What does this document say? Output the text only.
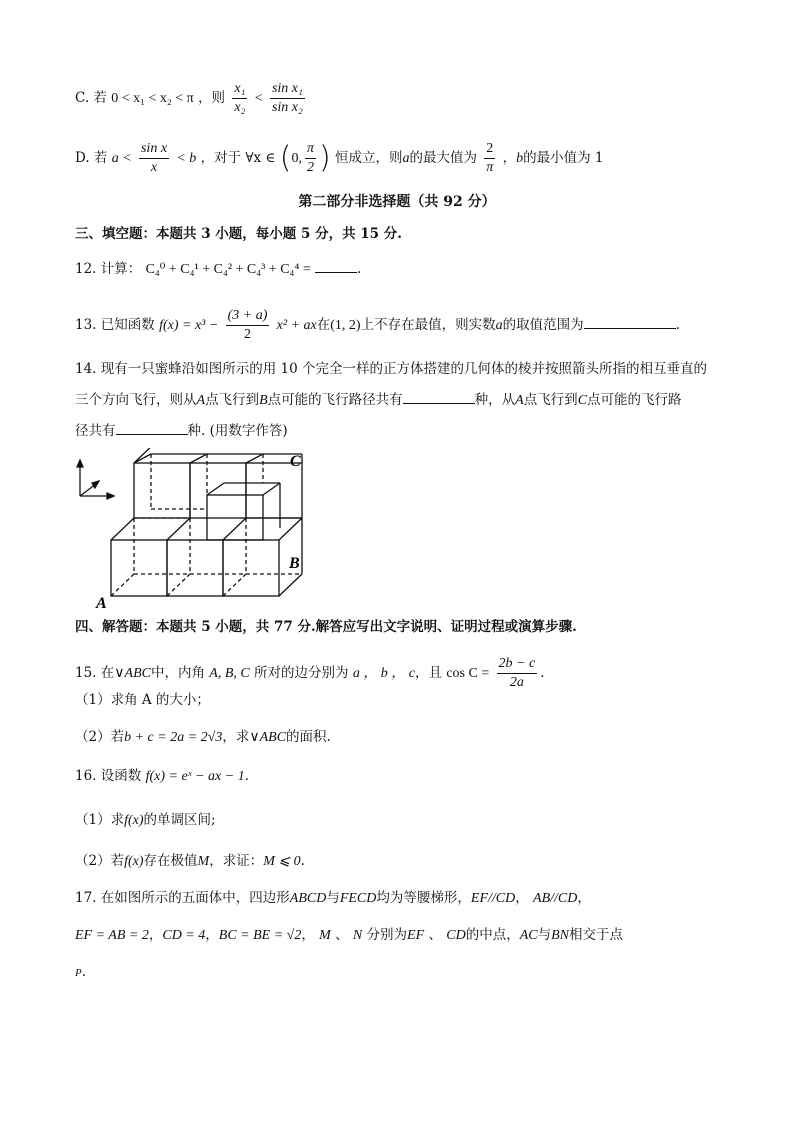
C. 若 0 < x₁ < x₂ < π ，则 $\frac{\text{x₁}}{\text{x₂}} < \frac{\text{sin x₁}}{\text{sin x₂}}$
D. 若 $a < \frac{\text{sin x}}{x} < b$ ，对于 ∀x ∈ (0, $\frac{\pi}{2}$ ) 恒成立，则a的最大值为 $\frac{2}{\pi}$ ，b的最小值为 1
第二部分非选择题（共 92 分）
三、填空题：本题共 3 小题，每小题 5 分，共 15 分.
12. 计算： C₄⁰ + C₄¹ + C₄² + C₄³ + C₄⁴ =	.
13. 已知函数 $f(x) = x^3 - \frac{(3 + a)}{2} x^2$ + ax在(1, 2)上不存在最值，则实数a的取值范围为	.
14. 现有一只蜜蜂沿如图所示的用 10 个完全一样的正方体搭建的几何体的棱并按照箭头所指的相互垂直的
三个方向飞行，则从A点飞行到B点可能的飞行路径共有	种，从A点飞行到C点可能的飞行路
径共有	种. (用数字作答)
A
B
C
四、解答题：本题共 5 小题，共 77 分.解答应写出文字说明、证明过程或演算步骤.
15. 在∨ABC中，内角 A, B, C 所对的边分别为 a ， b ， c，且 $\cos C = \frac{2b - c}{2a}$ .
（1）求角 A 的大小；
（2）若b + c = 2a = 2√3，求∨ABC的面积.
16. 设函数 f(x) = eˣ − ax − 1.
（1）求f(x)的单调区间;
（2）若f(x)存在极值M，求证：M ⩽ 0.
17. 在如图所示的五面体中，四边形ABCD与FECD均为等腰梯形，EF//CD， AB//CD，
EF = AB = 2，CD = 4，BC = BE = √2， M 、 N 分别为EF 、 CD的中点，AC与BN相交于点
P.
